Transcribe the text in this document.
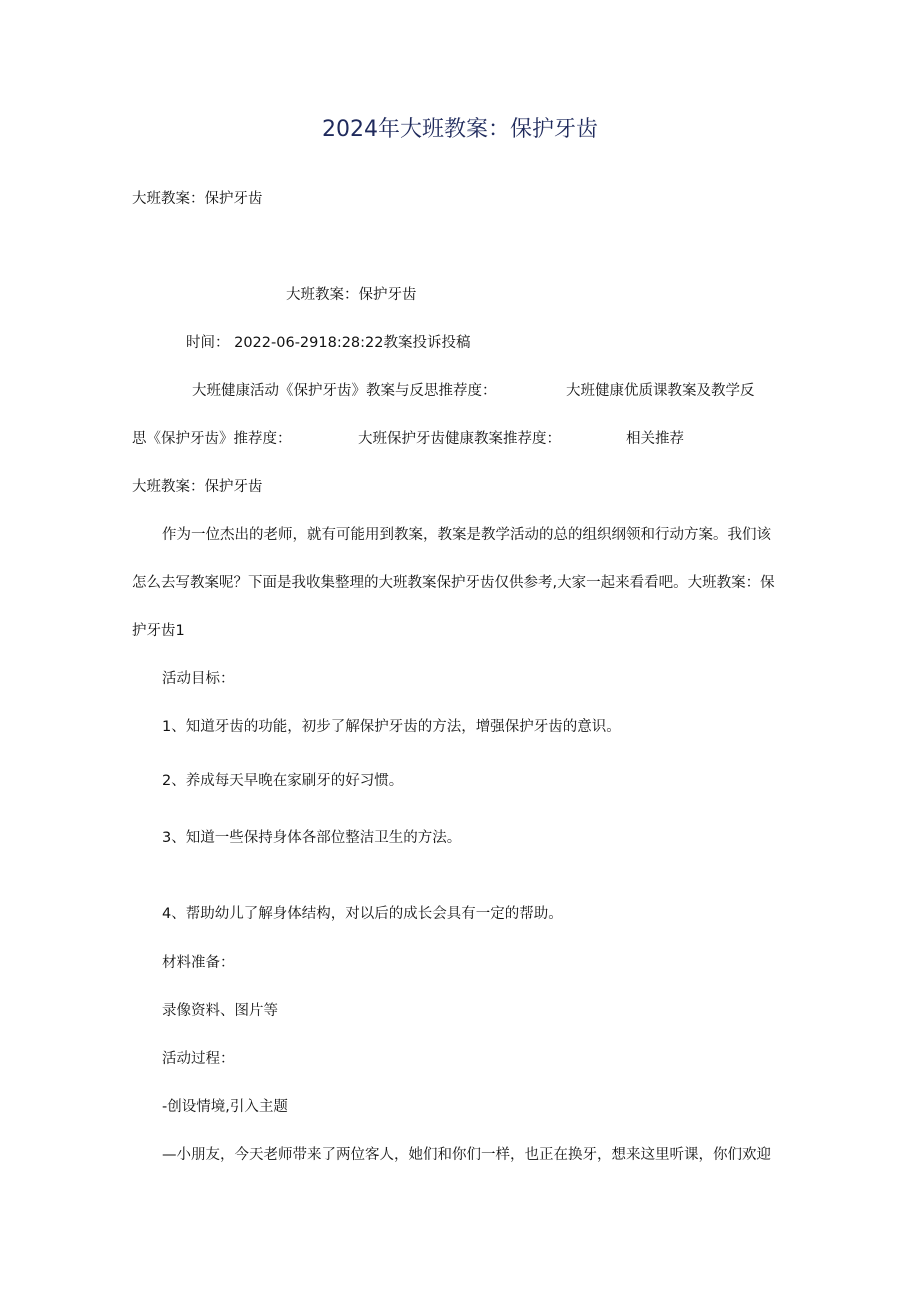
2024年大班教案：保护牙齿
大班教案：保护牙齿
大班教案：保护牙齿
时间： 2022-06-2918:28:22教案投诉投稿
大班健康活动《保护牙齿》教案与反思推荐度：	大班健康优质课教案及教学反
思《保护牙齿》推荐度：	大班保护牙齿健康教案推荐度：	相关推荐
大班教案：保护牙齿
作为一位杰出的老师，就有可能用到教案，教案是教学活动的总的组织纲领和行动方案。我们该
怎么去写教案呢？下面是我收集整理的大班教案保护牙齿仅供参考,大家一起来看看吧。大班教案：保
护牙齿1
活动目标：
1、知道牙齿的功能，初步了解保护牙齿的方法，增强保护牙齿的意识。
2、养成每天早晚在家刷牙的好习惯。
3、知道一些保持身体各部位整洁卫生的方法。
4、帮助幼儿了解身体结构，对以后的成长会具有一定的帮助。
材料准备：
录像资料、图片等
活动过程：
-创设情境,引入主题
—小朋友，今天老师带来了两位客人，她们和你们一样，也正在换牙，想来这里听课，你们欢迎
